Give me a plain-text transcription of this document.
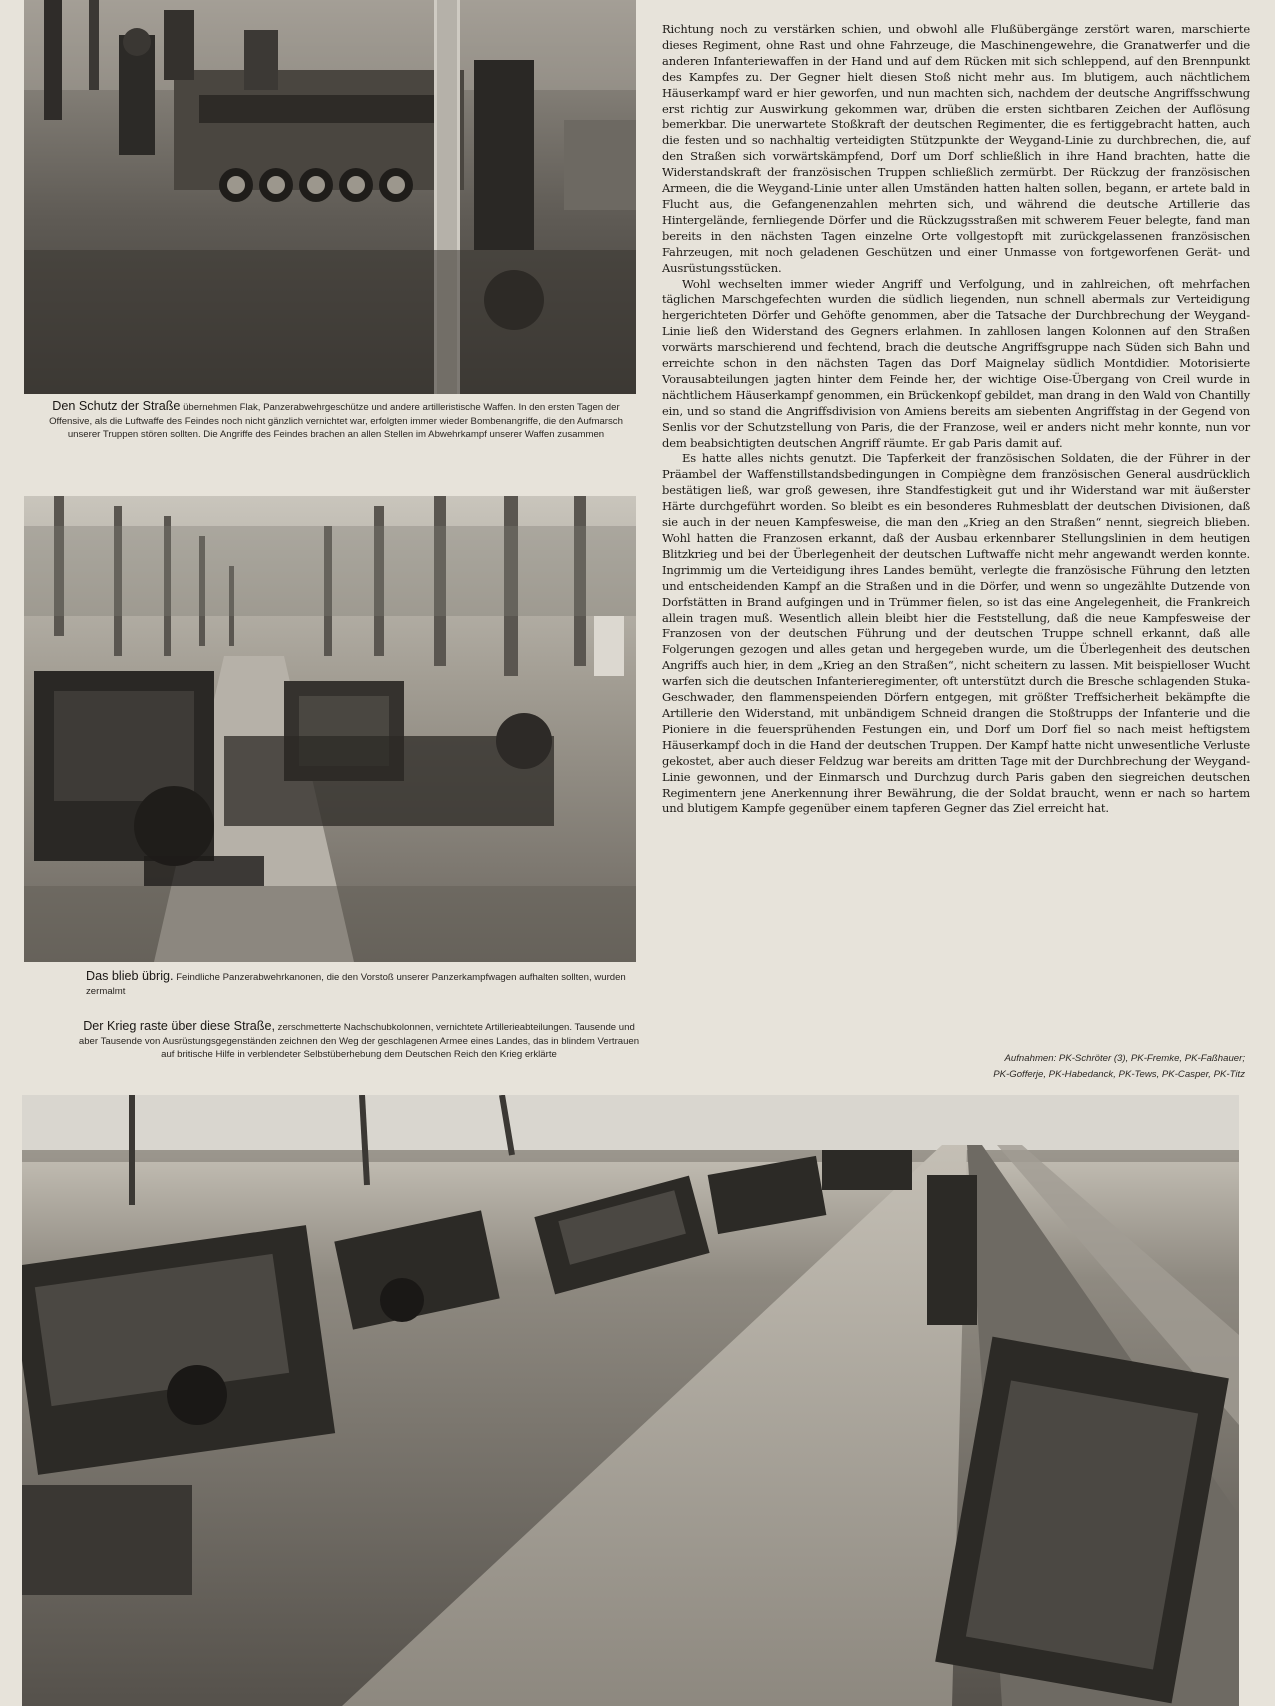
Den Schutz der Straße übernehmen Flak, Panzerabwehrgeschütze und andere artilleristische Waffen. In den ersten Tagen der Offensive, als die Luftwaffe des Feindes noch nicht gänzlich vernichtet war, erfolgten immer wieder Bombenangriffe, die den Aufmarsch unserer Truppen stören sollten. Die Angriffe des Feindes brachen an allen Stellen im Abwehrkampf unserer Waffen zusammen
Das blieb übrig. Feindliche Panzerabwehrkanonen, die den Vorstoß unserer Panzerkampfwagen aufhalten sollten, wurden zermalmt
Der Krieg raste über diese Straße, zerschmetterte Nachschubkolonnen, vernichtete Artillerieabteilungen. Tausende und aber Tausende von Ausrüstungsgegenständen zeichnen den Weg der geschlagenen Armee eines Landes, das in blindem Vertrauen auf britische Hilfe in verblendeter Selbstüberhebung dem Deutschen Reich den Krieg erklärte

Richtung noch zu verstärken schien, und obwohl alle Flußübergänge zerstört waren, marschierte dieses Regiment, ohne Rast und ohne Fahrzeuge, die Maschinengewehre, die Granatwerfer und die anderen Infanteriewaffen in der Hand und auf dem Rücken mit sich schleppend, auf den Brennpunkt des Kampfes zu. Der Gegner hielt diesen Stoß nicht mehr aus. Im blutigem, auch nächtlichem Häuserkampf ward er hier geworfen, und nun machten sich, nachdem der deutsche Angriffsschwung erst richtig zur Auswirkung gekommen war, drüben die ersten sichtbaren Zeichen der Auflösung bemerkbar. Die unerwartete Stoßkraft der deutschen Regimenter, die es fertiggebracht hatten, auch die festen und so nachhaltig verteidigten Stützpunkte der Weygand-Linie zu durchbrechen, die, auf den Straßen sich vorwärtskämpfend, Dorf um Dorf schließlich in ihre Hand brachten, hatte die Widerstandskraft der französischen Truppen schließlich zermürbt. Der Rückzug der französischen Armeen, die die Weygand-Linie unter allen Umständen hatten halten sollen, begann, er artete bald in Flucht aus, die Gefangenenzahlen mehrten sich, und während die deutsche Artillerie das Hintergelände, fernliegende Dörfer und die Rückzugsstraßen mit schwerem Feuer belegte, fand man bereits in den nächsten Tagen einzelne Orte vollgestopft mit zurückgelassenen französischen Fahrzeugen, mit noch geladenen Geschützen und einer Unmasse von fortgeworfenen Gerät- und Ausrüstungsstücken.

Wohl wechselten immer wieder Angriff und Verfolgung, und in zahlreichen, oft mehrfachen täglichen Marschgefechten wurden die südlich liegenden, nun schnell abermals zur Verteidigung hergerichteten Dörfer und Gehöfte genommen, aber die Tatsache der Durchbrechung der Weygand-Linie ließ den Widerstand des Gegners erlahmen. In zahllosen langen Kolonnen auf den Straßen vorwärts marschierend und fechtend, brach die deutsche Angriffsgruppe nach Süden sich Bahn und erreichte schon in den nächsten Tagen das Dorf Maignelay südlich Montdidier. Motorisierte Vorausabteilungen jagten hinter dem Feinde her, der wichtige Oise-Übergang von Creil wurde in nächtlichem Häuserkampf genommen, ein Brückenkopf gebildet, man drang in den Wald von Chantilly ein, und so stand die Angriffsdivision von Amiens bereits am siebenten Angriffstag in der Gegend von Senlis vor der Schutzstellung von Paris, die der Franzose, weil er anders nicht mehr konnte, nun vor dem beabsichtigten deutschen Angriff räumte. Er gab Paris damit auf.

Es hatte alles nichts genutzt. Die Tapferkeit der französischen Soldaten, die der Führer in der Präambel der Waffenstillstandsbedingungen in Compiègne dem französischen General ausdrücklich bestätigen ließ, war groß gewesen, ihre Standfestigkeit gut und ihr Widerstand war mit äußerster Härte durchgeführt worden. So bleibt es ein besonderes Ruhmesblatt der deutschen Divisionen, daß sie auch in der neuen Kampfesweise, die man den „Krieg an den Straßen“ nennt, siegreich blieben. Wohl hatten die Franzosen erkannt, daß der Ausbau erkennbarer Stellungslinien in dem heutigen Blitzkrieg und bei der Überlegenheit der deutschen Luftwaffe nicht mehr angewandt werden konnte. Ingrimmig um die Verteidigung ihres Landes bemüht, verlegte die französische Führung den letzten und entscheidenden Kampf an die Straßen und in die Dörfer, und wenn so ungezählte Dutzende von Dorfstätten in Brand aufgingen und in Trümmer fielen, so ist das eine Angelegenheit, die Frankreich allein tragen muß. Wesentlich allein bleibt hier die Feststellung, daß die neue Kampfesweise der Franzosen von der deutschen Führung und der deutschen Truppe schnell erkannt, daß alle Folgerungen gezogen und alles getan und hergegeben wurde, um die Überlegenheit des deutschen Angriffs auch hier, in dem „Krieg an den Straßen“, nicht scheitern zu lassen. Mit beispielloser Wucht warfen sich die deutschen Infanterieregimenter, oft unterstützt durch die Bresche schlagenden Stuka-Geschwader, den flammenspeienden Dörfern entgegen, mit größter Treffsicherheit bekämpfte die Artillerie den Widerstand, mit unbändigem Schneid drangen die Stoßtrupps der Infanterie und die Pioniere in die feuersprühenden Festungen ein, und Dorf um Dorf fiel so nach meist heftigstem Häuserkampf doch in die Hand der deutschen Truppen. Der Kampf hatte nicht unwesentliche Verluste gekostet, aber auch dieser Feldzug war bereits am dritten Tage mit der Durchbrechung der Weygand-Linie gewonnen, und der Einmarsch und Durchzug durch Paris gaben den siegreichen deutschen Regimentern jene Anerkennung ihrer Bewährung, die der Soldat braucht, wenn er nach so hartem und blutigem Kampfe gegenüber einem tapferen Gegner das Ziel erreicht hat.

Aufnahmen: PK-Schröter (3), PK-Fremke, PK-Faßhauer;
PK-Gofferje, PK-Habedanck, PK-Tews, PK-Casper, PK-Titz
